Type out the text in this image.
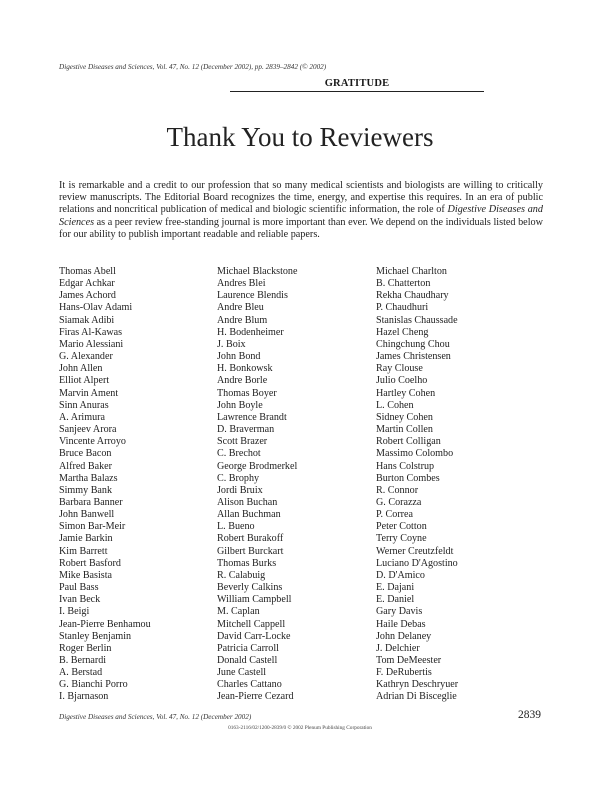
Digestive Diseases and Sciences, Vol. 47, No. 12 (December 2002), pp. 2839–2842 (© 2002)
GRATITUDE
Thank You to Reviewers
It is remarkable and a credit to our profession that so many medical scientists and biologists are willing to critically review manuscripts. The Editorial Board recognizes the time, energy, and expertise this requires. In an era of public relations and noncritical publication of medical and biologic scientific information, the role of Digestive Diseases and Sciences as a peer review free-standing journal is more important than ever. We depend on the individuals listed below for our ability to publish important readable and reliable papers.
Thomas Abell
Edgar Achkar
James Achord
Hans-Olav Adami
Siamak Adibi
Firas Al-Kawas
Mario Alessiani
G. Alexander
John Allen
Elliot Alpert
Marvin Ament
Sinn Anuras
A. Arimura
Sanjeev Arora
Vincente Arroyo
Bruce Bacon
Alfred Baker
Martha Balazs
Simmy Bank
Barbara Banner
John Banwell
Simon Bar-Meir
Jamie Barkin
Kim Barrett
Robert Basford
Mike Basista
Paul Bass
Ivan Beck
I. Beigi
Jean-Pierre Benhamou
Stanley Benjamin
Roger Berlin
B. Bernardi
A. Berstad
G. Bianchi Porro
I. Bjarnason
Michael Blackstone
Andres Blei
Laurence Blendis
Andre Bleu
Andre Blum
H. Bodenheimer
J. Boix
John Bond
H. Bonkowsk
Andre Borle
Thomas Boyer
John Boyle
Lawrence Brandt
D. Braverman
Scott Brazer
C. Brechot
George Brodmerkel
C. Brophy
Jordi Bruix
Alison Buchan
Allan Buchman
L. Bueno
Robert Burakoff
Gilbert Burckart
Thomas Burks
R. Calabuig
Beverly Calkins
William Campbell
M. Caplan
Mitchell Cappell
David Carr-Locke
Patricia Carroll
Donald Castell
June Castell
Charles Cattano
Jean-Pierre Cezard
Michael Charlton
B. Chatterton
Rekha Chaudhary
P. Chaudhuri
Stanislas Chaussade
Hazel Cheng
Chingchung Chou
James Christensen
Ray Clouse
Julio Coelho
Hartley Cohen
L. Cohen
Sidney Cohen
Martin Collen
Robert Colligan
Massimo Colombo
Hans Colstrup
Burton Combes
R. Connor
G. Corazza
P. Correa
Peter Cotton
Terry Coyne
Werner Creutzfeldt
Luciano D'Agostino
D. D'Amico
E. Dajani
E. Daniel
Gary Davis
Haile Debas
John Delaney
J. Delchier
Tom DeMeester
F. DeRubertis
Kathryn Deschryuer
Adrian Di Bisceglie
Digestive Diseases and Sciences, Vol. 47, No. 12 (December 2002)	2839
0163-2116/02/1200-2839/0 © 2002 Plenum Publishing Corporation
